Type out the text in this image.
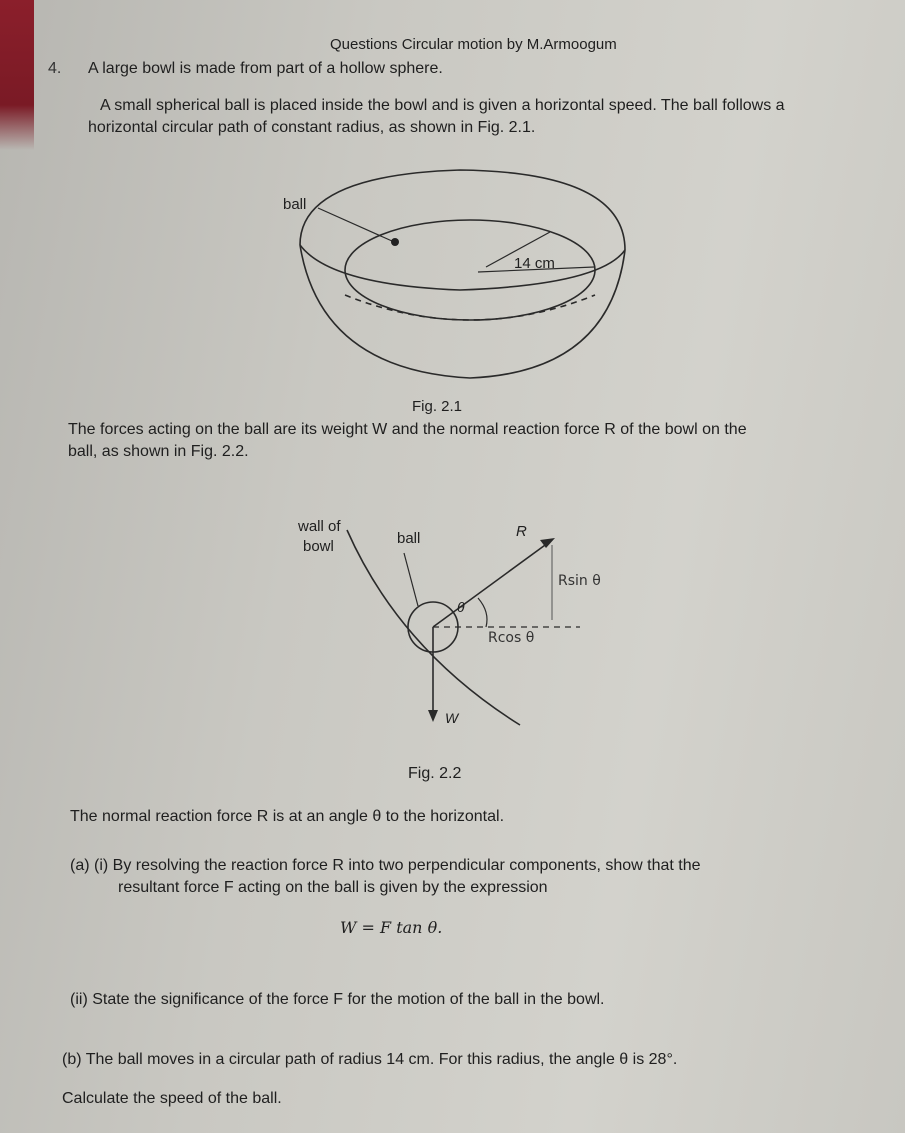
Questions Circular motion by M.Armoogum
4. A large bowl is made from part of a hollow sphere.
A small spherical ball is placed inside the bowl and is given a horizontal speed. The ball follows a
horizontal circular path of constant radius, as shown in Fig. 2.1.
ball
14 cm
wall of
bowl	ball	R
θ
W
Rsin θ
Rcos θ
Fig. 2.1
The forces acting on the ball are its weight W and the normal reaction force R of the bowl on the
ball, as shown in Fig. 2.2.
Fig. 2.2
The normal reaction force R is at an angle θ to the horizontal.
(a) (i) By resolving the reaction force R into two perpendicular components, show that the
resultant force F acting on the ball is given by the expression
W = F tan θ.
(ii) State the significance of the force F for the motion of the ball in the bowl.
(b) The ball moves in a circular path of radius 14 cm. For this radius, the angle θ is 28°.
Calculate the speed of the ball.
